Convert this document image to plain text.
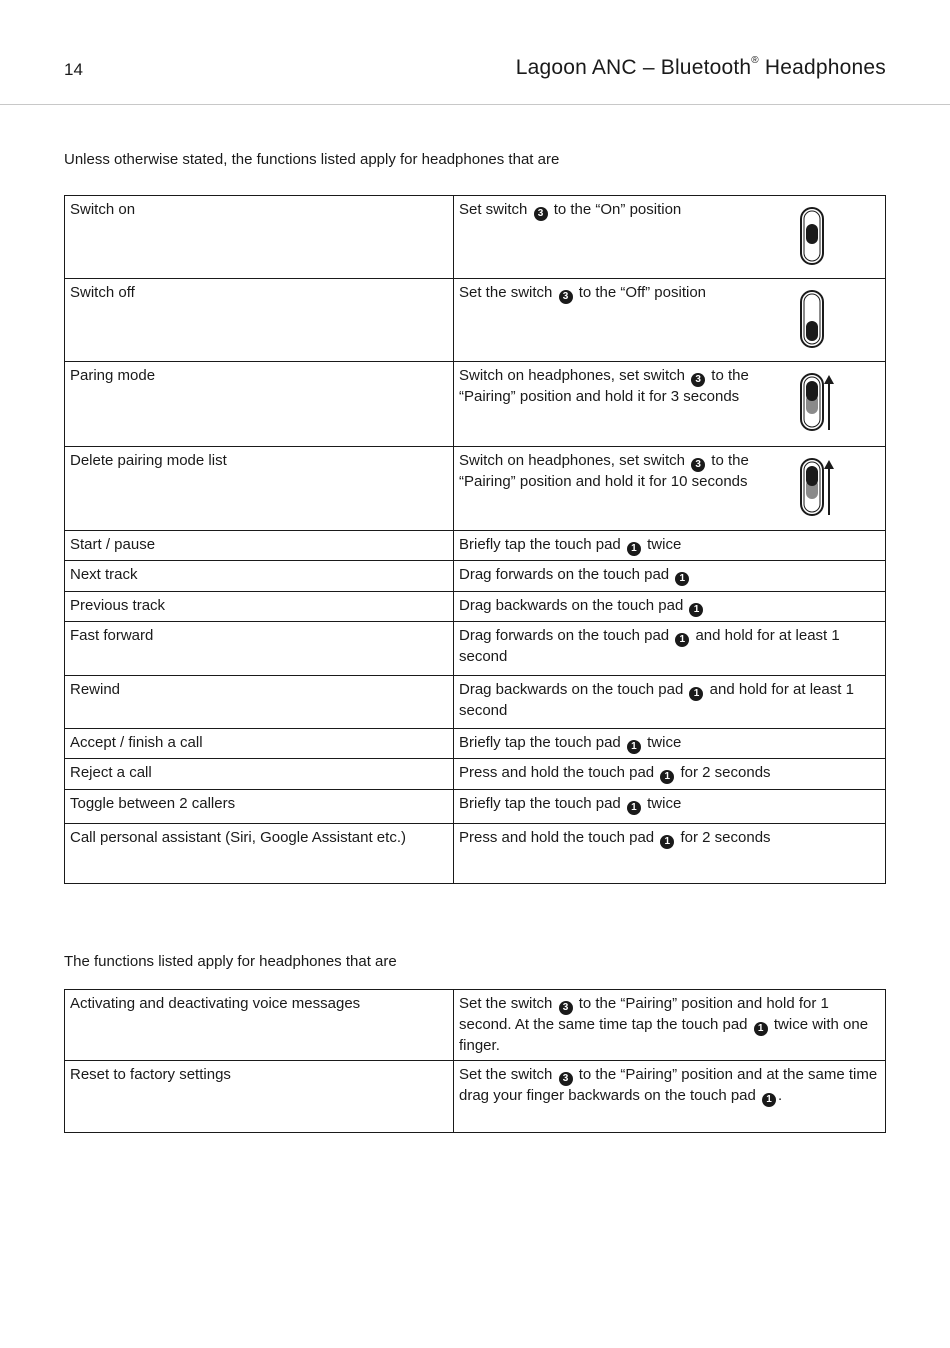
14	Lagoon ANC – Bluetooth® Headphones
Unless otherwise stated, the functions listed apply for headphones that are
Switch on	Set switch 3 to the “On” position

Switch off	Set the switch 3 to the “Off” position

Paring mode	Switch on headphones, set switch 3 to the “Pairing” position and hold it for 3 seconds

Delete pairing mode list	Switch on headphones, set switch 3 to the “Pairing” position and hold it for 10 seconds

Start / pause	Briefly tap the touch pad 1 twice

Next track	Drag forwards on the touch pad 1

Previous track	Drag backwards on the touch pad 1

Fast forward	Drag forwards on the touch pad 1 and hold for at least 1 second

Rewind	Drag backwards on the touch pad 1 and hold for at least 1 second

Accept / finish a call	Briefly tap the touch pad 1 twice

Reject a call	Press and hold the touch pad 1 for 2 seconds

Toggle between 2 callers	Briefly tap the touch pad 1 twice

Call personal assistant (Siri, Google Assistant etc.)	Press and hold the touch pad 1 for 2 seconds
The functions listed apply for headphones that are
Activating and deactivating voice messages	Set the switch 3 to the “Pairing” position and hold for 1 second. At the same time tap the touch pad 1 twice with one finger.

Reset to factory settings	Set the switch 3 to the “Pairing” position and at the same time drag your finger backwards on the touch pad 1 .
